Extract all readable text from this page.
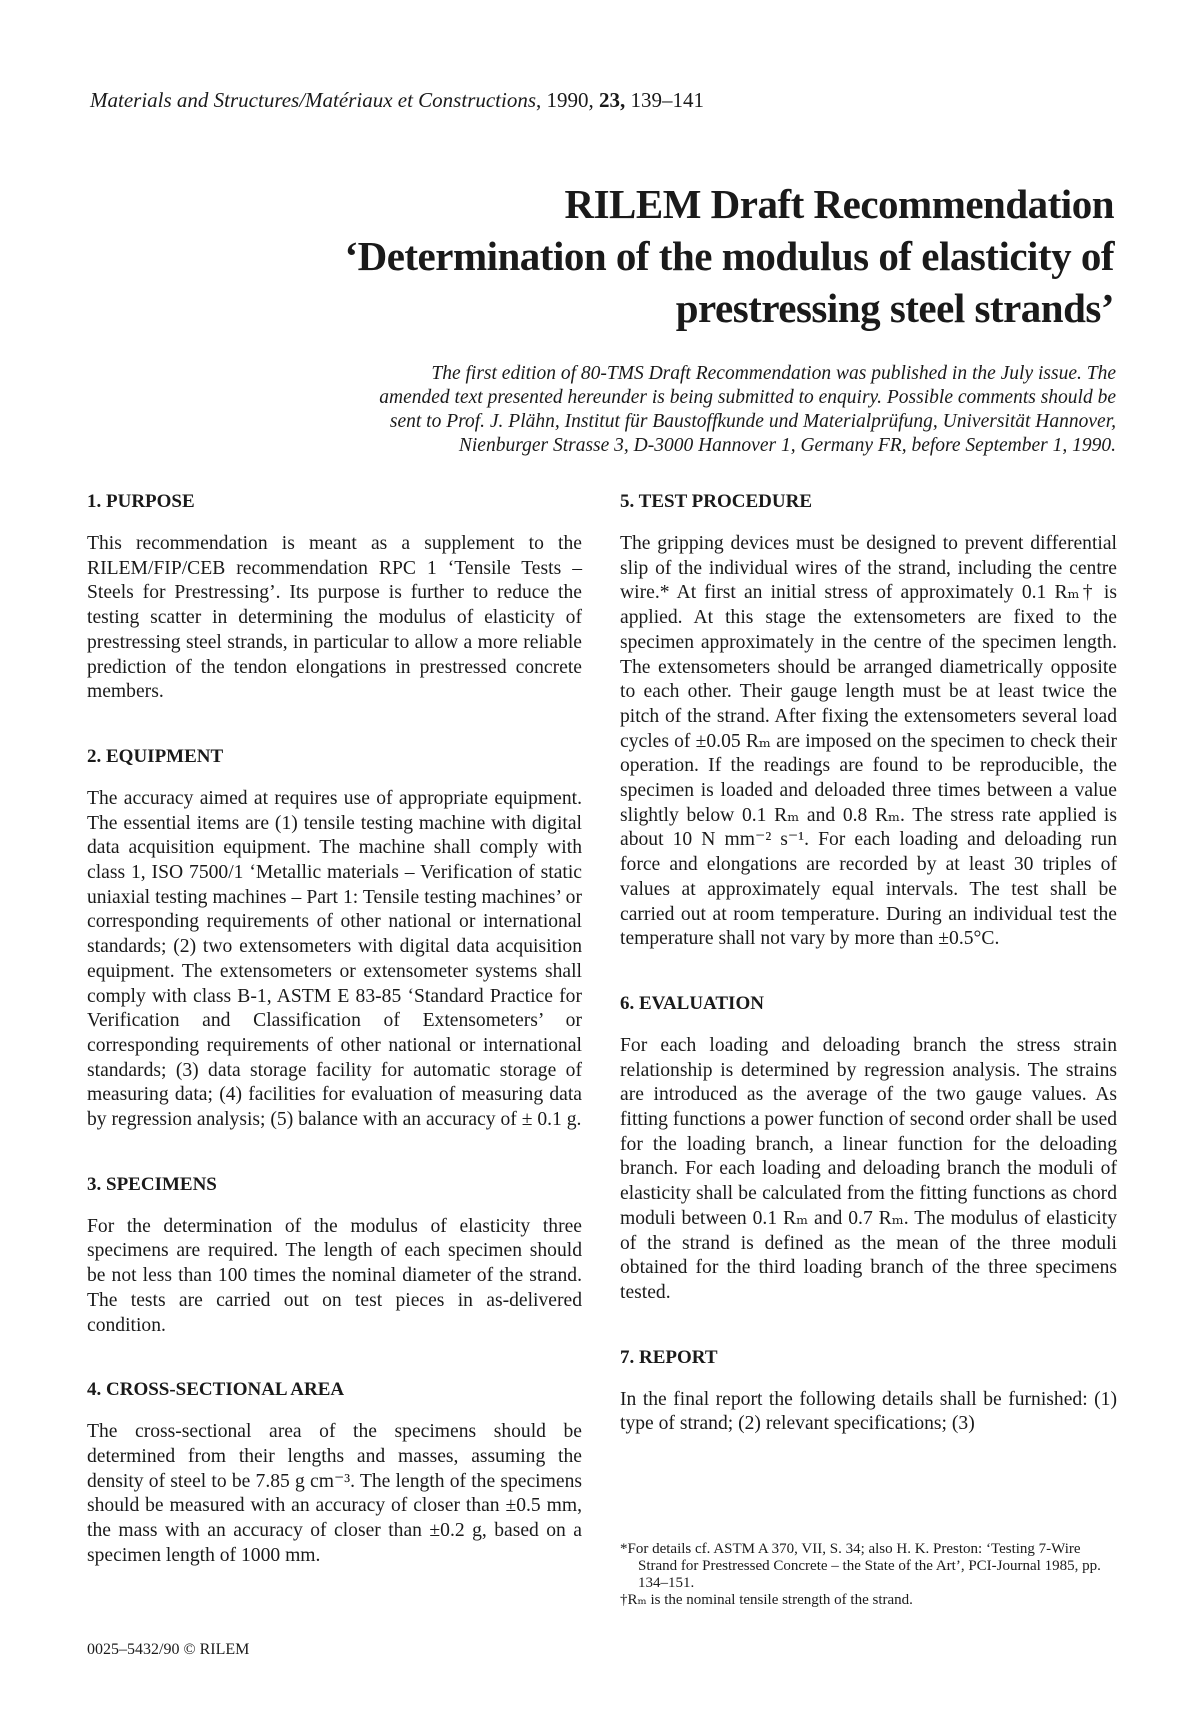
Materials and Structures/Matériaux et Constructions, 1990, 23, 139–141
RILEM Draft Recommendation
‘Determination of the modulus of elasticity of
prestressing steel strands’
The first edition of 80-TMS Draft Recommendation was published in the July issue. The
amended text presented hereunder is being submitted to enquiry. Possible comments should be
sent to Prof. J. Plähn, Institut für Baustoffkunde und Materialprüfung, Universität Hannover,
Nienburger Strasse 3, D-3000 Hannover 1, Germany FR, before September 1, 1990.
1. PURPOSE

This recommendation is meant as a supplement to the RILEM/FIP/CEB recommendation RPC 1 ‘Tensile Tests – Steels for Prestressing’. Its purpose is further to reduce the testing scatter in determining the modulus of elasticity of prestressing steel strands, in particular to allow a more reliable prediction of the tendon elongations in prestressed concrete members.

2. EQUIPMENT

The accuracy aimed at requires use of appropriate equipment. The essential items are (1) tensile testing machine with digital data acquisition equipment. The machine shall comply with class 1, ISO 7500/1 ‘Metallic materials – Verification of static uniaxial testing machines – Part 1: Tensile testing machines’ or corresponding requirements of other national or international standards; (2) two extensometers with digital data acquisition equipment. The extensometers or extensometer systems shall comply with class B-1, ASTM E 83-85 ‘Standard Practice for Verification and Classification of Extensometers’ or corresponding requirements of other national or international standards; (3) data storage facility for automatic storage of measuring data; (4) facilities for evaluation of measuring data by regression analysis; (5) balance with an accuracy of ± 0.1 g.

3. SPECIMENS

For the determination of the modulus of elasticity three specimens are required. The length of each specimen should be not less than 100 times the nominal diameter of the strand. The tests are carried out on test pieces in as-delivered condition.

4. CROSS-SECTIONAL AREA

The cross-sectional area of the specimens should be determined from their lengths and masses, assuming the density of steel to be 7.85 g cm⁻³. The length of the specimens should be measured with an accuracy of closer than ±0.5 mm, the mass with an accuracy of closer than ±0.2 g, based on a specimen length of 1000 mm.

5. TEST PROCEDURE

The gripping devices must be designed to prevent differential slip of the individual wires of the strand, including the centre wire.* At first an initial stress of approximately 0.1 Rₘ† is applied. At this stage the extensometers are fixed to the specimen approximately in the centre of the specimen length. The extensometers should be arranged diametrically opposite to each other. Their gauge length must be at least twice the pitch of the strand. After fixing the extensometers several load cycles of ±0.05 Rₘ are imposed on the specimen to check their operation. If the readings are found to be reproducible, the specimen is loaded and deloaded three times between a value slightly below 0.1 Rₘ and 0.8 Rₘ. The stress rate applied is about 10 N mm⁻² s⁻¹. For each loading and deloading run force and elongations are recorded by at least 30 triples of values at approximately equal intervals. The test shall be carried out at room temperature. During an individual test the temperature shall not vary by more than ±0.5°C.

6. EVALUATION

For each loading and deloading branch the stress strain relationship is determined by regression analysis. The strains are introduced as the average of the two gauge values. As fitting functions a power function of second order shall be used for the loading branch, a linear function for the deloading branch. For each loading and deloading branch the moduli of elasticity shall be calculated from the fitting functions as chord moduli between 0.1 Rₘ and 0.7 Rₘ. The modulus of elasticity of the strand is defined as the mean of the three moduli obtained for the third loading branch of the three specimens tested.

7. REPORT

In the final report the following details shall be furnished: (1) type of strand; (2) relevant specifications; (3)

*For details cf. ASTM A 370, VII, S. 34; also H. K. Preston: ‘Testing 7-Wire Strand for Prestressed Concrete – the State of the Art’, PCI-Journal 1985, pp. 134–151.
†Rₘ is the nominal tensile strength of the strand.
0025–5432/90 © RILEM
